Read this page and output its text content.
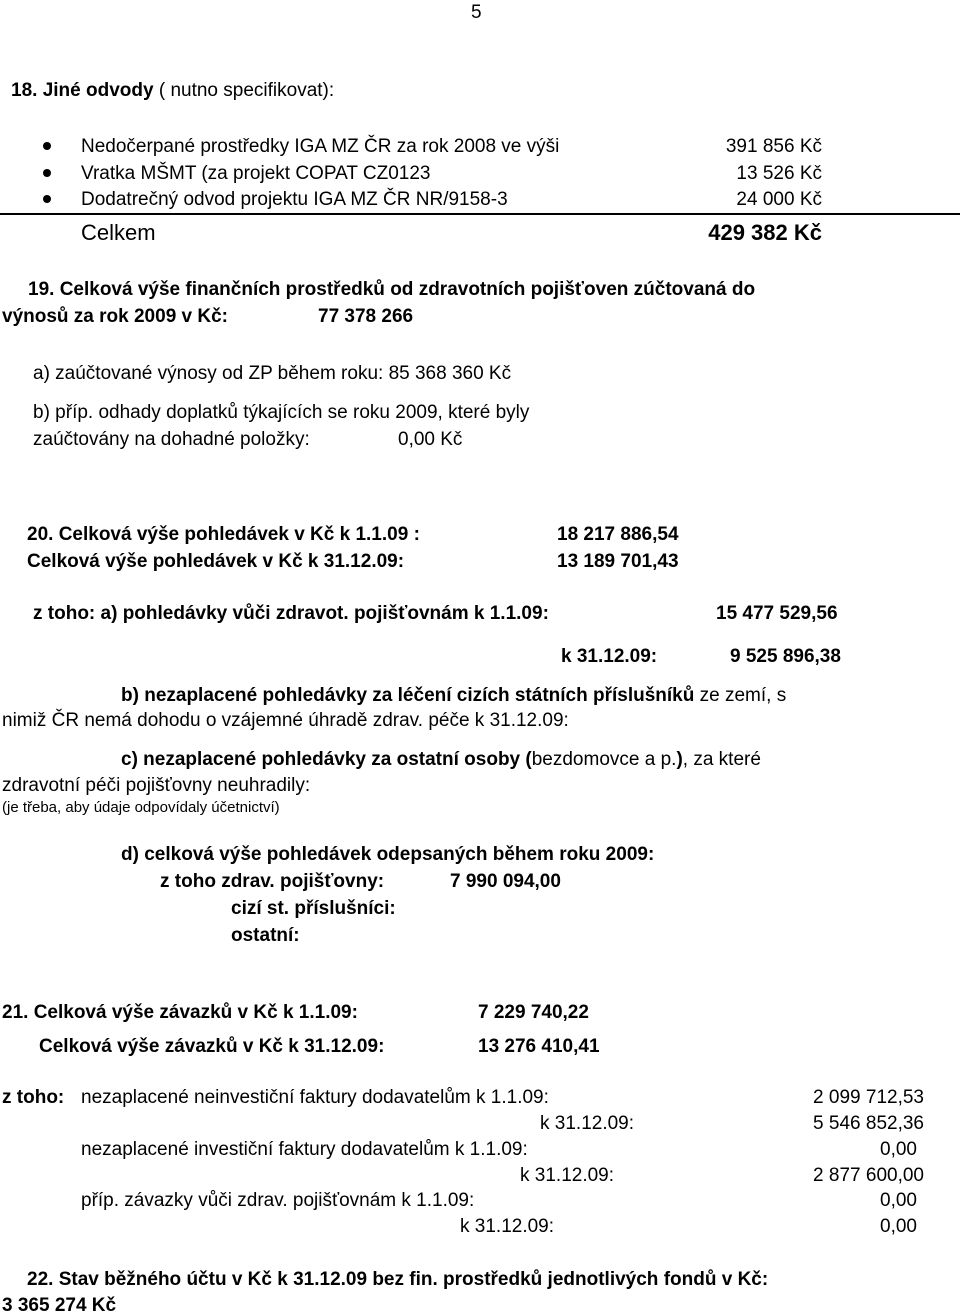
5
18. Jiné odvody ( nutno specifikovat):
Nedočerpané prostředky IGA MZ ČR za rok 2008 ve výši	391 856 Kč
Vratka MŠMT (za projekt COPAT CZ0123	13 526 Kč
Dodatrečný odvod projektu IGA MZ ČR NR/9158-3	24 000 Kč
Celkem	429 382 Kč
19. Celková výše finančních prostředků od zdravotních pojišťoven zúčtovaná do
výnosů za rok 2009 v Kč:	77 378 266
a) zaúčtované výnosy od ZP během roku: 85 368 360 Kč
b) příp. odhady doplatků týkajících se roku 2009, které byly
zaúčtovány na dohadné položky:	0,00 Kč
20. Celková výše pohledávek v Kč k 1.1.09 :	18 217 886,54
Celková výše pohledávek v Kč k 31.12.09:	13 189 701,43
z toho: a) pohledávky vůči zdravot. pojišťovnám k 1.1.09:	15 477 529,56
k 31.12.09:	9 525 896,38
b) nezaplacené pohledávky za léčení cizích státních příslušníků ze zemí, s
nimiž ČR nemá dohodu o vzájemné úhradě zdrav. péče k 31.12.09:
c) nezaplacené pohledávky za ostatní osoby (bezdomovce a p.), za které
zdravotní péči pojišťovny neuhradily:
(je třeba, aby údaje odpovídaly účetnictví)
d) celková výše pohledávek odepsaných během roku 2009:
z toho zdrav. pojišťovny:	7 990 094,00
cizí st. příslušníci:
ostatní:
21. Celková výše závazků v Kč k 1.1.09:	7 229 740,22
Celková výše závazků v Kč k 31.12.09:	13 276 410,41
z toho: nezaplacené neinvestiční faktury dodavatelům k 1.1.09:	2 099 712,53
k 31.12.09:	5 546 852,36
nezaplacené investiční faktury dodavatelům k 1.1.09:	0,00
k 31.12.09:	2 877 600,00
příp. závazky vůči zdrav. pojišťovnám k 1.1.09:	0,00
k 31.12.09:	0,00
22. Stav běžného účtu v Kč k 31.12.09 bez fin. prostředků jednotlivých fondů v Kč:
3 365 274 Kč
